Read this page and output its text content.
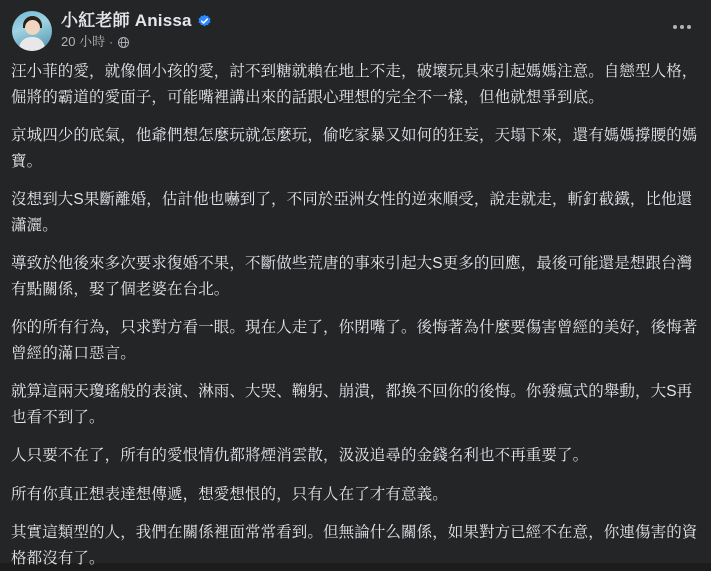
小紅老師 Anissa
20 小時 ·

汪小菲的愛，就像個小孩的愛，討不到糖就賴在地上不走，破壞玩具來引起媽媽注意。自戀型人格，倔將的霸道的愛面子，可能嘴裡講出來的話跟心理想的完全不一樣，但他就想爭到底。

京城四少的底氣，他爺們想怎麼玩就怎麼玩，偷吃家暴又如何的狂妄，天塌下來，還有媽媽撐腰的媽寶。

沒想到大S果斷離婚，估計他也嚇到了，不同於亞洲女性的逆來順受，說走就走，斬釘截鐵，比他還瀟灑。

導致於他後來多次要求復婚不果，不斷做些荒唐的事來引起大S更多的回應，最後可能還是想跟台灣有點關係，娶了個老婆在台北。

你的所有行為，只求對方看一眼。現在人走了，你閉嘴了。後悔著為什麼要傷害曾經的美好，後悔著曾經的滿口惡言。

就算這兩天瓊瑤般的表演、淋雨、大哭、鞠躬、崩潰，都換不回你的後悔。你發瘋式的舉動，大S再也看不到了。

人只要不在了，所有的愛恨情仇都將煙消雲散，汲汲追尋的金錢名利也不再重要了。

所有你真正想表達想傳遞，想愛想恨的，只有人在了才有意義。

其實這類型的人，我們在關係裡面常常看到。但無論什么關係，如果對方已經不在意，你連傷害的資格都沒有了。
